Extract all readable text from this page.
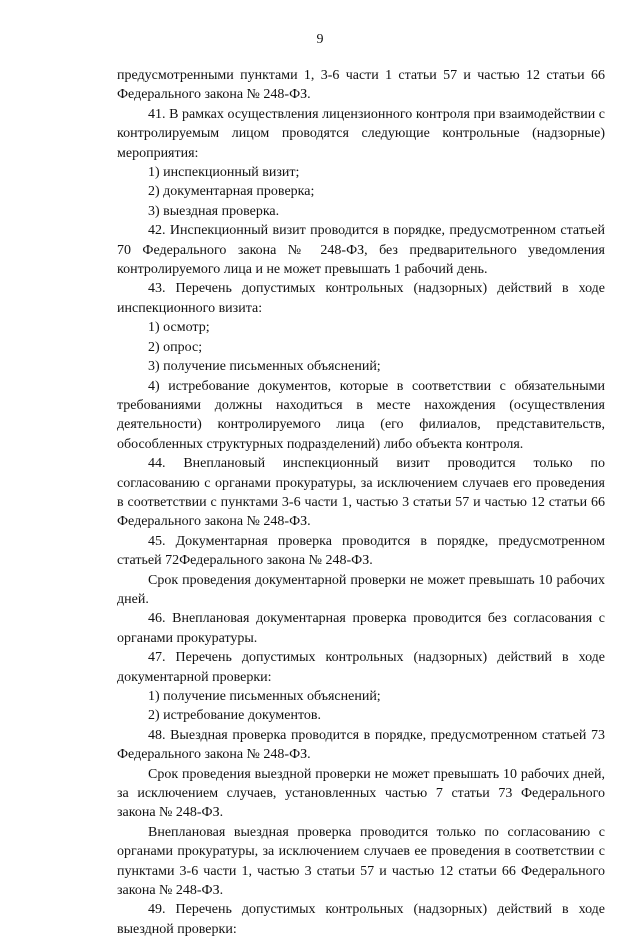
9

предусмотренными пунктами 1, 3-6 части 1 статьи 57 и частью 12 статьи 66 Федерального закона № 248-ФЗ.

41. В рамках осуществления лицензионного контроля при взаимодействии с контролируемым лицом проводятся следующие контрольные (надзорные) мероприятия:

1) инспекционный визит;

2) документарная проверка;

3) выездная проверка.

42. Инспекционный визит проводится в порядке, предусмотренном статьей 70 Федерального закона № 248-ФЗ, без предварительного уведомления контролируемого лица и не может превышать 1 рабочий день.

43. Перечень допустимых контрольных (надзорных) действий в ходе инспекционного визита:

1) осмотр;

2) опрос;

3) получение письменных объяснений;

4) истребование документов, которые в соответствии с обязательными требованиями должны находиться в месте нахождения (осуществления деятельности) контролируемого лица (его филиалов, представительств, обособленных структурных подразделений) либо объекта контроля.

44. Внеплановый инспекционный визит проводится только по согласованию с органами прокуратуры, за исключением случаев его проведения в соответствии с пунктами 3-6 части 1, частью 3 статьи 57 и частью 12 статьи 66 Федерального закона № 248-ФЗ.

45. Документарная проверка проводится в порядке, предусмотренном статьей 72Федерального закона № 248-ФЗ.

Срок проведения документарной проверки не может превышать 10 рабочих дней.

46. Внеплановая документарная проверка проводится без согласования с органами прокуратуры.

47. Перечень допустимых контрольных (надзорных) действий в ходе документарной проверки:

1) получение письменных объяснений;

2) истребование документов.

48. Выездная проверка проводится в порядке, предусмотренном статьей 73 Федерального закона № 248-ФЗ.

Срок проведения выездной проверки не может превышать 10 рабочих дней, за исключением случаев, установленных частью 7 статьи 73 Федерального закона № 248-ФЗ.

Внеплановая выездная проверка проводится только по согласованию с органами прокуратуры, за исключением случаев ее проведения в соответствии с пунктами 3-6 части 1, частью 3 статьи 57 и частью 12 статьи 66 Федерального закона № 248-ФЗ.

49. Перечень допустимых контрольных (надзорных) действий в ходе выездной проверки:
